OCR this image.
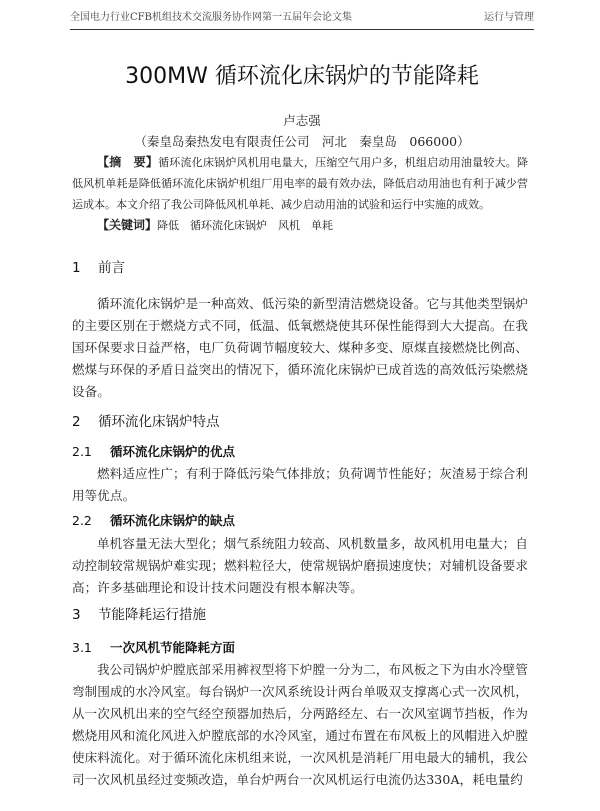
全国电力行业CFB机组技术交流服务协作网第一五届年会论文集	运行与管理
300MW 循环流化床锅炉的节能降耗
卢志强
（秦皇岛秦热发电有限责任公司　河北　秦皇岛　066000）
【摘　要】循环流化床锅炉风机用电量大，压缩空气用户多，机组启动用油量较大。降低风机单耗是降低循环流化床锅炉机组厂用电率的最有效办法，降低启动用油也有利于减少营运成本。本文介绍了我公司降低风机单耗、减少启动用油的试验和运行中实施的成效。
【关键词】降低　循环流化床锅炉　风机　单耗
1 前言
循环流化床锅炉是一种高效、低污染的新型清洁燃烧设备。它与其他类型锅炉的主要区别在于燃烧方式不同，低温、低氧燃烧使其环保性能得到大大提高。在我国环保要求日益严格，电厂负荷调节幅度较大、煤种多变、原煤直接燃烧比例高、燃煤与环保的矛盾日益突出的情况下，循环流化床锅炉已成首选的高效低污染燃烧设备。
2 循环流化床锅炉特点
2.1 循环流化床锅炉的优点
燃料适应性广；有利于降低污染气体排放；负荷调节性能好；灰渣易于综合利用等优点。
2.2 循环流化床锅炉的缺点
单机容量无法大型化；烟气系统阻力较高、风机数量多，故风机用电量大；自动控制较常规锅炉难实现；燃料粒径大，使常规锅炉磨损速度快；对辅机设备要求高；许多基础理论和设计技术问题没有根本解决等。
3 节能降耗运行措施
3.1 一次风机节能降耗方面
我公司锅炉炉膛底部采用裤衩型将下炉膛一分为二，布风板之下为由水冷壁管弯制围成的水冷风室。每台锅炉一次风系统设计两台单吸双支撑离心式一次风机，从一次风机出来的空气经空预器加热后，分两路经左、右一次风室调节挡板，作为燃烧用风和流化风进入炉膛底部的水冷风室，通过布置在布风板上的风帽进入炉膛使床料流化。对于循环流化床机组来说，一次风机是消耗厂用电最大的辅机，我公司一次风机虽经过变频改造，单台炉两台一次风机运行电流仍达330A，耗电量约
